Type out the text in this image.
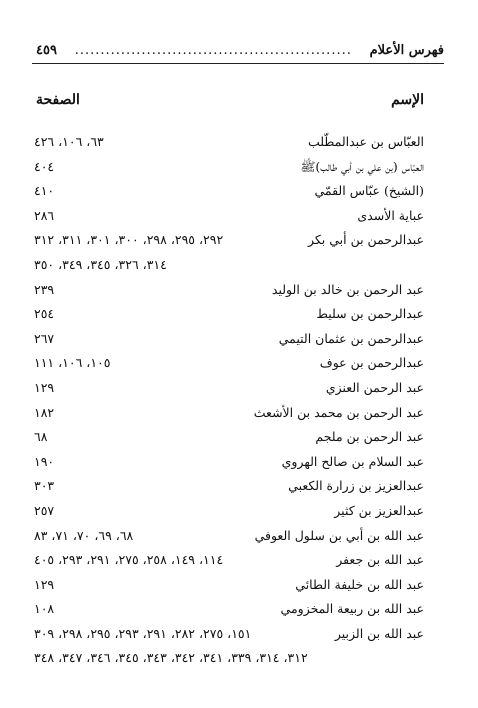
فهرس الأعلام
......................................................
٤٥٩
الإسم
الصفحة
العبّاس بن عبدالمطّلب
٦٣، ١٠٦، ٤٢٦
العبّاس (بن علي بن أبي طالب)ﷺ
٤٠٤
(الشيخ) عبّاس القمّي
٤١٠
عباية الأسدى
٢٨٦
عبدالرحمن بن أبي بكر
٢٩٢، ٢٩٥، ٢٩٨، ٣٠٠، ٣٠١، ٣١١، ٣١٢
٣١٤، ٣٢٦، ٣٤٥، ٣٤٩، ٣٥٠
عبد الرحمن بن خالد بن الوليد
٢٣٩
عبدالرحمن بن سليط
٢٥٤
عبدالرحمن بن عثمان التيمي
٢٦٧
عبدالرحمن بن عوف
١٠٥، ١٠٦، ١١١
عبد الرحمن العنزي
١٢٩
عبد الرحمن بن محمد بن الأشعث
١٨٢
عبد الرحمن بن ملجم
٦٨
عبد السلام بن صالح الهروي
١٩٠
عبدالعزيز بن زرارة الكعبي
٣٠٣
عبدالعزيز بن كثير
٢٥٧
عبد الله بن أبي بن سلول العوفي
٦٨، ٦٩، ٧٠، ٧١، ٨٣
عبد الله بن جعفر
١١٤، ١٤٩، ٢٥٨، ٢٧٥، ٢٩١، ٢٩٣، ٤٠٥
عبد الله بن خليفة الطائي
١٢٩
عبد الله بن ربيعة المخزومي
١٠٨
عبد الله بن الزبير
١٥١، ٢٧٥، ٢٨٢، ٢٩١، ٢٩٣، ٢٩٥، ٢٩٨، ٣٠٩
٣١٢، ٣١٤، ٣٣٩، ٣٤١، ٣٤٢، ٣٤٣، ٣٤٥، ٣٤٦، ٣٤٧، ٣٤٨
